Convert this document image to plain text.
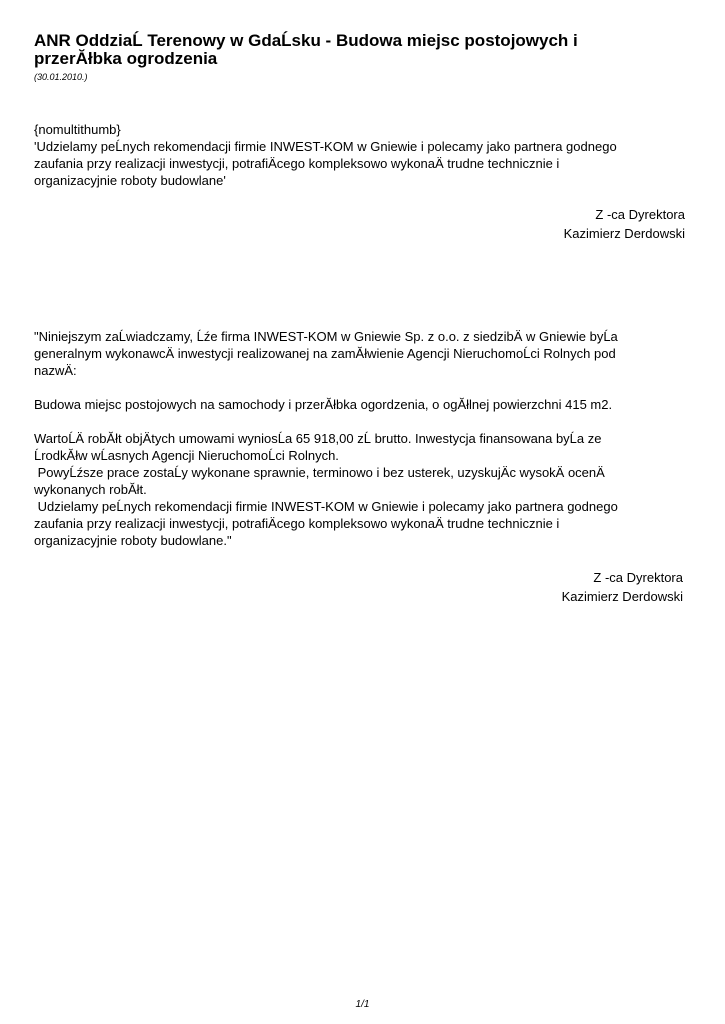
ANR OddziaĹ Terenowy w GdaĹsku - Budowa miejsc postojowych i
przerĂłbka ogrodzenia
(30.01.2010.)
{nomultithumb}
'Udzielamy peĹnych rekomendacji firmie INWEST-KOM w Gniewie i polecamy jako partnera godnego
zaufania przy realizacji inwestycji, potrafiÄcego kompleksowo wykonaÄ trudne technicznie i
organizacyjnie roboty budowlane'
Z -ca Dyrektora
Kazimierz Derdowski
"Niniejszym zaĹwiadczamy, Ĺźe firma INWEST-KOM w Gniewie Sp. z o.o. z siedzibÄ w Gniewie byĹa
generalnym wykonawcÄ inwestycji realizowanej na zamĂłwienie Agencji NieruchomoĹci Rolnych pod
nazwÄ:
Budowa miejsc postojowych na samochody i przerĂłbka ogordzenia, o ogĂłlnej powierzchni 415 m2.
WartoĹÄ robĂłt objÄtych umowami wyniosĹa 65 918,00 zĹ brutto. Inwestycja finansowana byĹa ze
ĹrodkĂłw wĹasnych Agencji NieruchomoĹci Rolnych.
PowyĹźsze prace zostaĹy wykonane sprawnie, terminowo i bez usterek, uzyskujÄc wysokÄ ocenÄ
wykonanych robĂłt.
Udzielamy peĹnych rekomendacji firmie INWEST-KOM w Gniewie i polecamy jako partnera godnego
zaufania przy realizacji inwestycji, potrafiÄcego kompleksowo wykonaÄ trudne technicznie i
organizacyjnie roboty budowlane."
Z -ca Dyrektora
Kazimierz Derdowski
1/1
